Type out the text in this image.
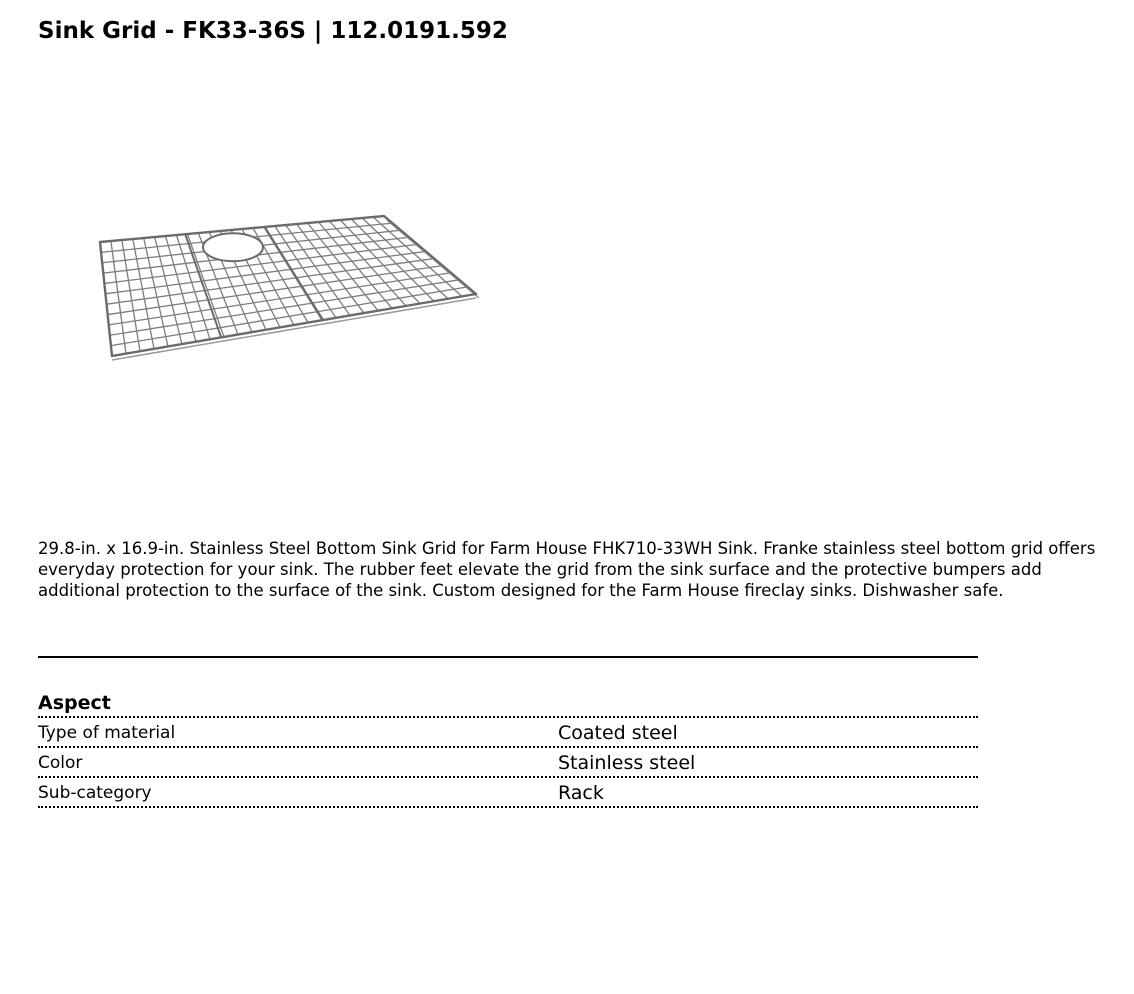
Sink Grid - FK33-36S | 112.0191.592

29.8-in. x 16.9-in. Stainless Steel Bottom Sink Grid for Farm House FHK710-33WH Sink. Franke stainless steel bottom grid offers everyday protection for your sink. The rubber feet elevate the grid from the sink surface and the protective bumpers add additional protection to the surface of the sink. Custom designed for the Farm House fireclay sinks. Dishwasher safe.

Aspect
Type of material	Coated steel
Color	Stainless steel
Sub-category	Rack
